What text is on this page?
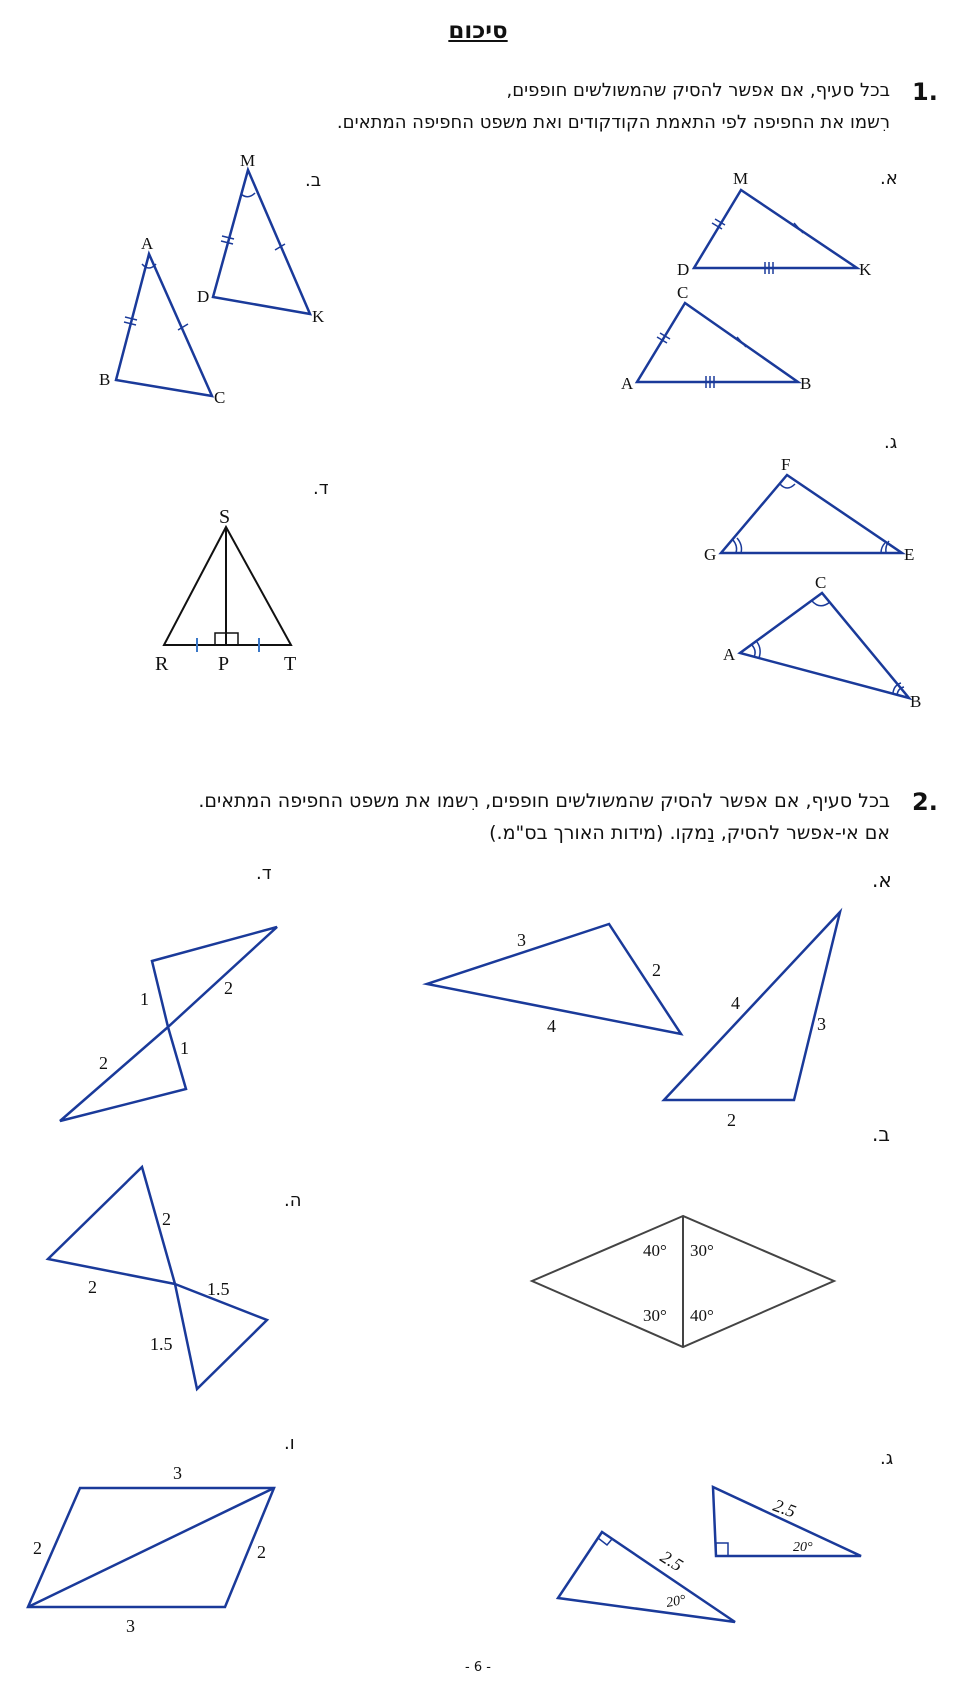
סיכום
1.
בכל סעיף, אם אפשר להסיק שהמשולשים חופפים,
רִשמו את החפיפה לפי התאמת הקודקודים ואת משפט החפיפה המתאים.
א.
ב.
ג.
ד.
2.
בכל סעיף, אם אפשר להסיק שהמשולשים חופפים, רִשמו את משפט החפיפה המתאים.
אם אי-אפשר להסיק, נַמקו. (מידות האורך בס"מ.)
א.
ד.
ב.
ה.
ג.
ו.
M
D	K
C
A	B
M
D
K
A
B
C
F
G	E
C
A
B
S
R P	T
3
2
4
4
3
2
40° 30°
30° 40°
2.5
20°
2.5
20°
1
2
1
2
2
2	1.5
1.5
3
2	2
3
- 6 -
